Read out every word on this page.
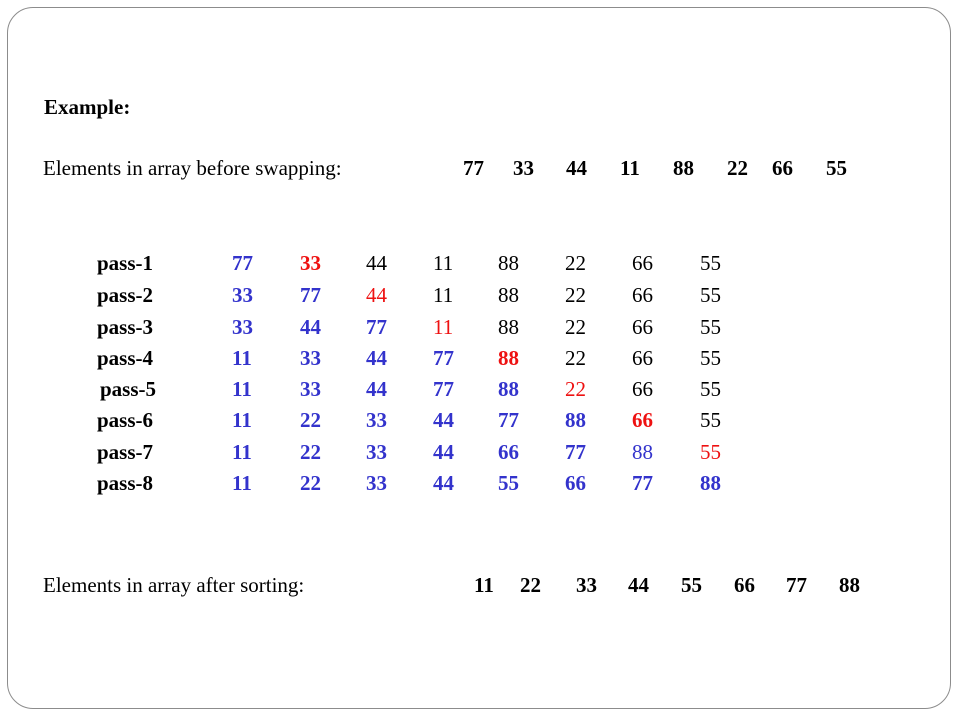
Example:
Elements in array before swapping:	77 33 44 11 88 22 66 55
pass-1	77 33 44 11 88 22 66 55
pass-2	33 77 44 11 88 22 66 55
pass-3	33 44 77 11 88 22 66 55
pass-4	11 33 44 77 88 22 66 55
pass-5	11 33 44 77 88 22 66 55
pass-6	11 22 33 44 77 88 66 55
pass-7	11 22 33 44 66 77 88 55
pass-8	11 22 33 44 55 66 77 88
Elements in array after sorting:	11 22 33 44 55 66 77 88
